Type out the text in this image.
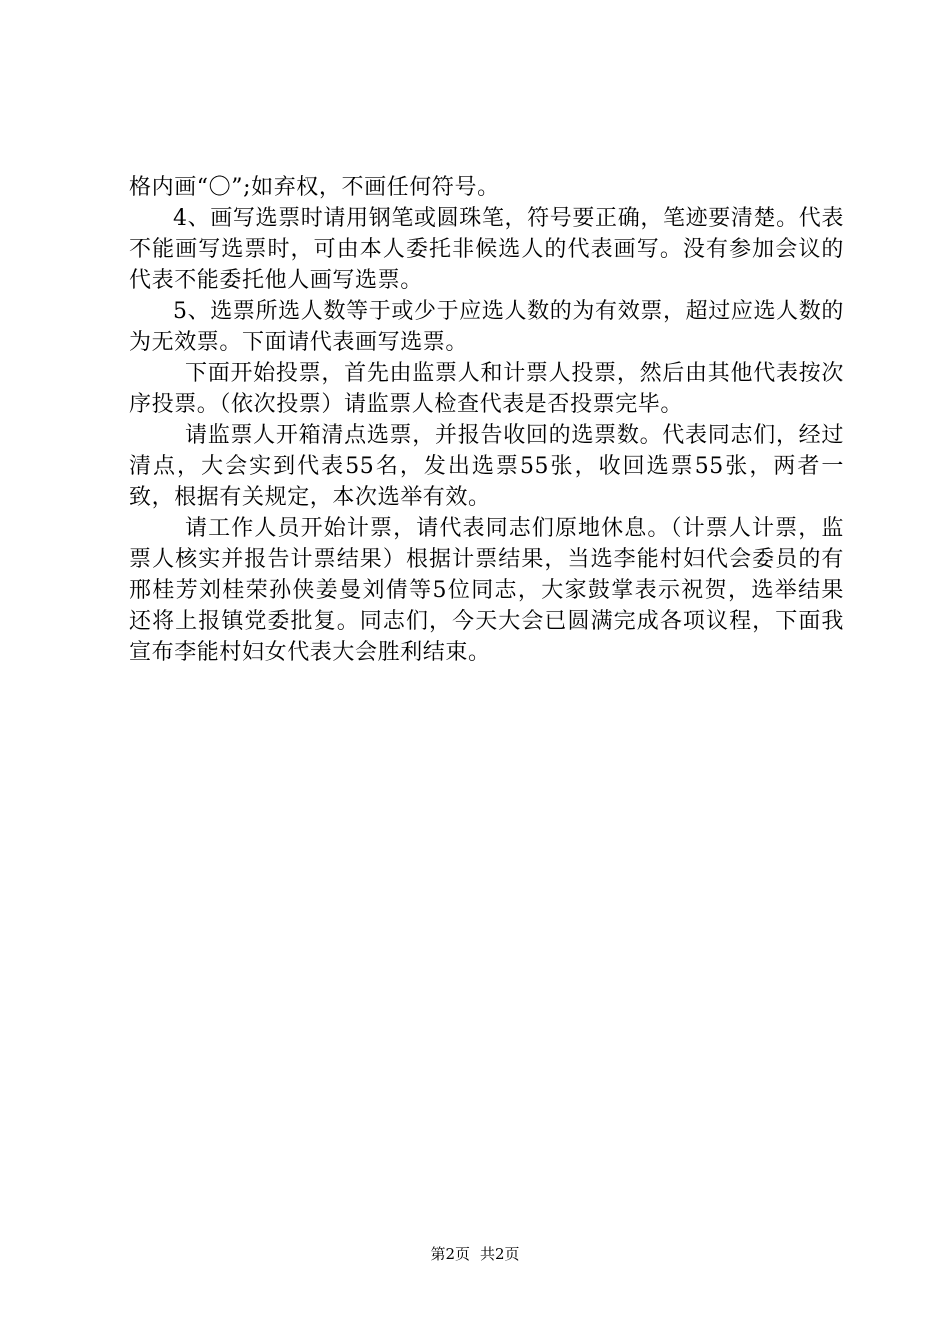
格内画“〇”;如弃权，不画任何符号。

4、画写选票时请用钢笔或圆珠笔，符号要正确，笔迹要清楚。代表不能画写选票时，可由本人委托非候选人的代表画写。没有参加会议的代表不能委托他人画写选票。

5、选票所选人数等于或少于应选人数的为有效票，超过应选人数的为无效票。下面请代表画写选票。

下面开始投票，首先由监票人和计票人投票，然后由其他代表按次序投票。（依次投票）请监票人检查代表是否投票完毕。

请监票人开箱清点选票，并报告收回的选票数。代表同志们，经过清点，大会实到代表55名，发出选票55张，收回选票55张，两者一致，根据有关规定，本次选举有效。

请工作人员开始计票，请代表同志们原地休息。（计票人计票，监票人核实并报告计票结果）根据计票结果，当选李能村妇代会委员的有邢桂芳刘桂荣孙侠姜曼刘倩等5位同志，大家鼓掌表示祝贺，选举结果还将上报镇党委批复。同志们，今天大会已圆满完成各项议程，下面我宣布李能村妇女代表大会胜利结束。

第2页 共2页
